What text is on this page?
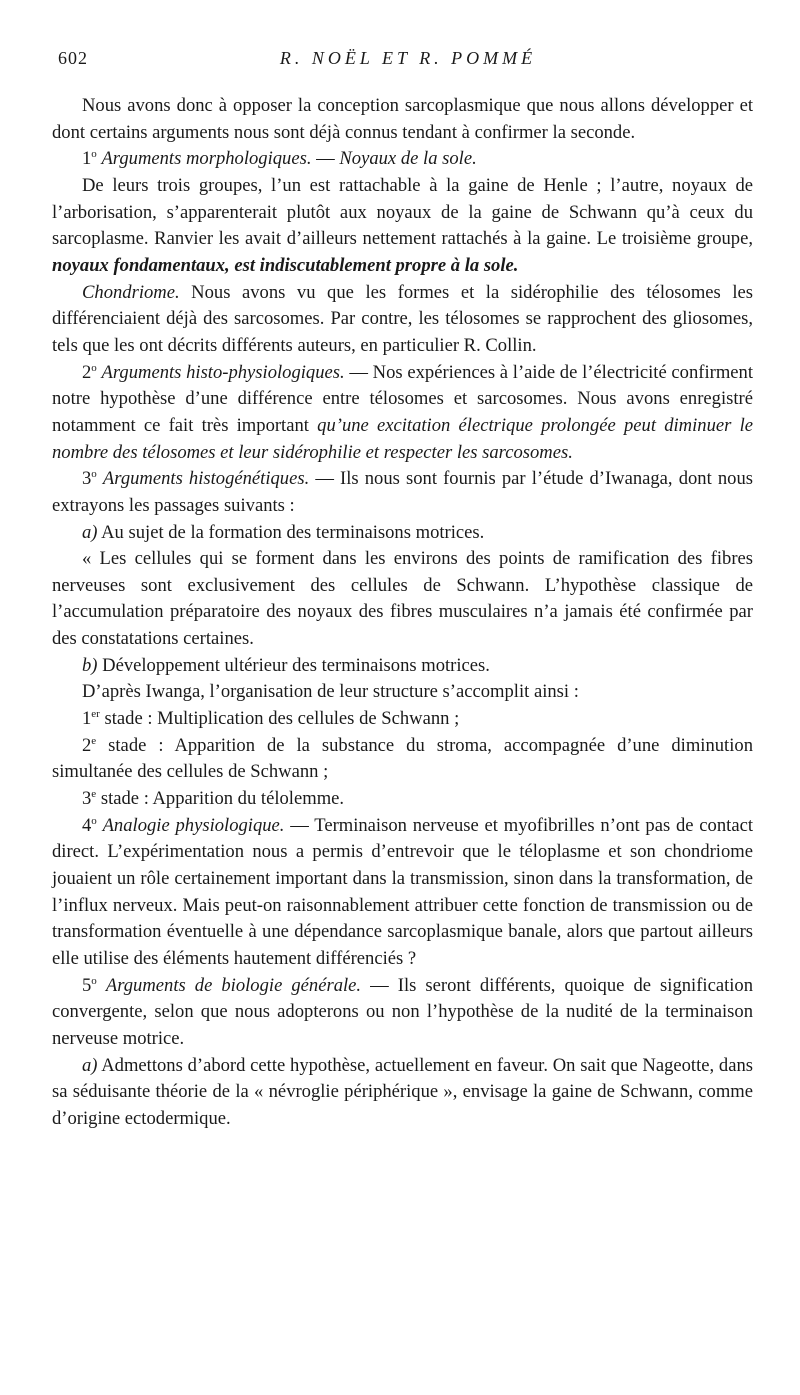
602	R. NOËL ET R. POMMÉ

Nous avons donc à opposer la conception sarcoplasmique que nous allons développer et dont certains arguments nous sont déjà connus tendant à confirmer la seconde.

1$^o$ Arguments morphologiques. — Noyaux de la sole.

De leurs trois groupes, l’un est rattachable à la gaine de Henle ; l’autre, noyaux de l’arborisation, s’apparenterait plutôt aux noyaux de la gaine de Schwann qu’à ceux du sarcoplasme. Ranvier les avait d’ailleurs nettement rattachés à la gaine. Le troisième groupe, noyaux fondamentaux, est indiscutablement propre à la sole.

Chondriome. Nous avons vu que les formes et la sidérophilie des télosomes les différenciaient déjà des sarcosomes. Par contre, les télosomes se rapprochent des gliosomes, tels que les ont décrits différents auteurs, en particulier R. Collin.

2$^o$ Arguments histo-physiologiques. — Nos expériences à l’aide de l’électricité confirment notre hypothèse d’une différence entre télosomes et sarcosomes. Nous avons enregistré notamment ce fait très important qu’une excitation électrique prolongée peut diminuer le nombre des télosomes et leur sidérophilie et respecter les sarcosomes.

3$^o$ Arguments histogénétiques. — Ils nous sont fournis par l’étude d’Iwanaga, dont nous extrayons les passages suivants :

a) Au sujet de la formation des terminaisons motrices.

« Les cellules qui se forment dans les environs des points de ramification des fibres nerveuses sont exclusivement des cellules de Schwann. L’hypothèse classique de l’accumulation préparatoire des noyaux des fibres musculaires n’a jamais été confirmée par des constatations certaines.

b) Développement ultérieur des terminaisons motrices.

D’après Iwanga, l’organisation de leur structure s’accomplit ainsi :

1er stade : Multiplication des cellules de Schwann ;

2e stade : Apparition de la substance du stroma, accompagnée d’une diminution simultanée des cellules de Schwann ;

3e stade : Apparition du télolemme.

4$^o$ Analogie physiologique. — Terminaison nerveuse et myofibrilles n’ont pas de contact direct. L’expérimentation nous a permis d’entrevoir que le téloplasme et son chondriome jouaient un rôle certainement important dans la transmission, sinon dans la transformation, de l’influx nerveux. Mais peut-on raisonnablement attribuer cette fonction de transmission ou de transformation éventuelle à une dépendance sarcoplasmique banale, alors que partout ailleurs elle utilise des éléments hautement différenciés ?

5$^o$ Arguments de biologie générale. — Ils seront différents, quoique de signification convergente, selon que nous adopterons ou non l’hypothèse de la nudité de la terminaison nerveuse motrice.

a) Admettons d’abord cette hypothèse, actuellement en faveur. On sait que Nageotte, dans sa séduisante théorie de la « névroglie périphérique », envisage la gaine de Schwann, comme d’origine ectodermique.
